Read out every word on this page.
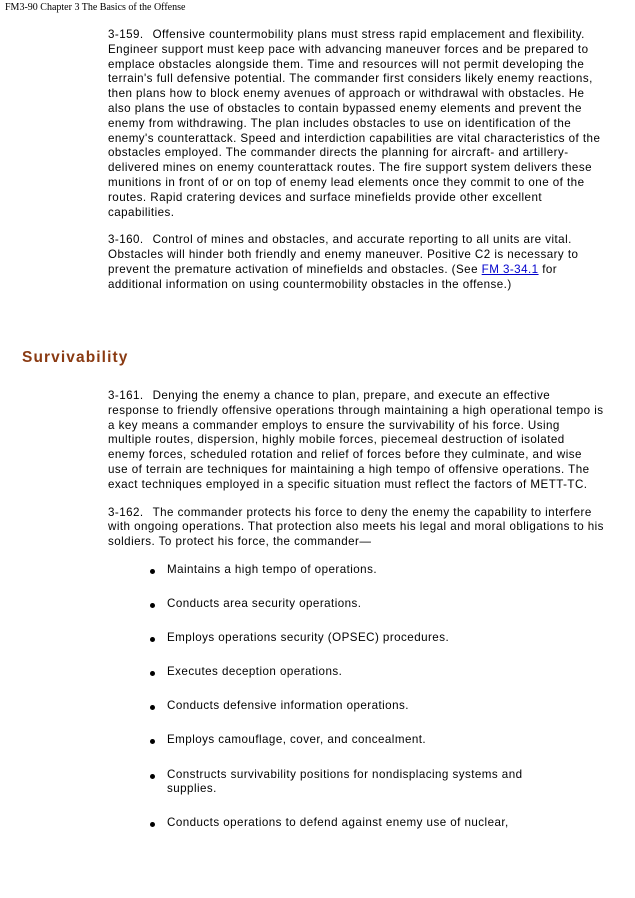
FM3-90 Chapter 3 The Basics of the Offense

3-159. Offensive countermobility plans must stress rapid emplacement and flexibility. Engineer support must keep pace with advancing maneuver forces and be prepared to emplace obstacles alongside them. Time and resources will not permit developing the terrain's full defensive potential. The commander first considers likely enemy reactions, then plans how to block enemy avenues of approach or withdrawal with obstacles. He also plans the use of obstacles to contain bypassed enemy elements and prevent the enemy from withdrawing. The plan includes obstacles to use on identification of the enemy's counterattack. Speed and interdiction capabilities are vital characteristics of the obstacles employed. The commander directs the planning for aircraft- and artillery-delivered mines on enemy counterattack routes. The fire support system delivers these munitions in front of or on top of enemy lead elements once they commit to one of the routes. Rapid cratering devices and surface minefields provide other excellent capabilities.

3-160. Control of mines and obstacles, and accurate reporting to all units are vital. Obstacles will hinder both friendly and enemy maneuver. Positive C2 is necessary to prevent the premature activation of minefields and obstacles. (See FM 3-34.1 for additional information on using countermobility obstacles in the offense.)

Survivability

3-161. Denying the enemy a chance to plan, prepare, and execute an effective response to friendly offensive operations through maintaining a high operational tempo is a key means a commander employs to ensure the survivability of his force. Using multiple routes, dispersion, highly mobile forces, piecemeal destruction of isolated enemy forces, scheduled rotation and relief of forces before they culminate, and wise use of terrain are techniques for maintaining a high tempo of offensive operations. The exact techniques employed in a specific situation must reflect the factors of METT-TC.

3-162. The commander protects his force to deny the enemy the capability to interfere with ongoing operations. That protection also meets his legal and moral obligations to his soldiers. To protect his force, the commander—

Maintains a high tempo of operations.
Conducts area security operations.
Employs operations security (OPSEC) procedures.
Executes deception operations.
Conducts defensive information operations.
Employs camouflage, cover, and concealment.
Constructs survivability positions for nondisplacing systems and supplies.
Conducts operations to defend against enemy use of nuclear,
